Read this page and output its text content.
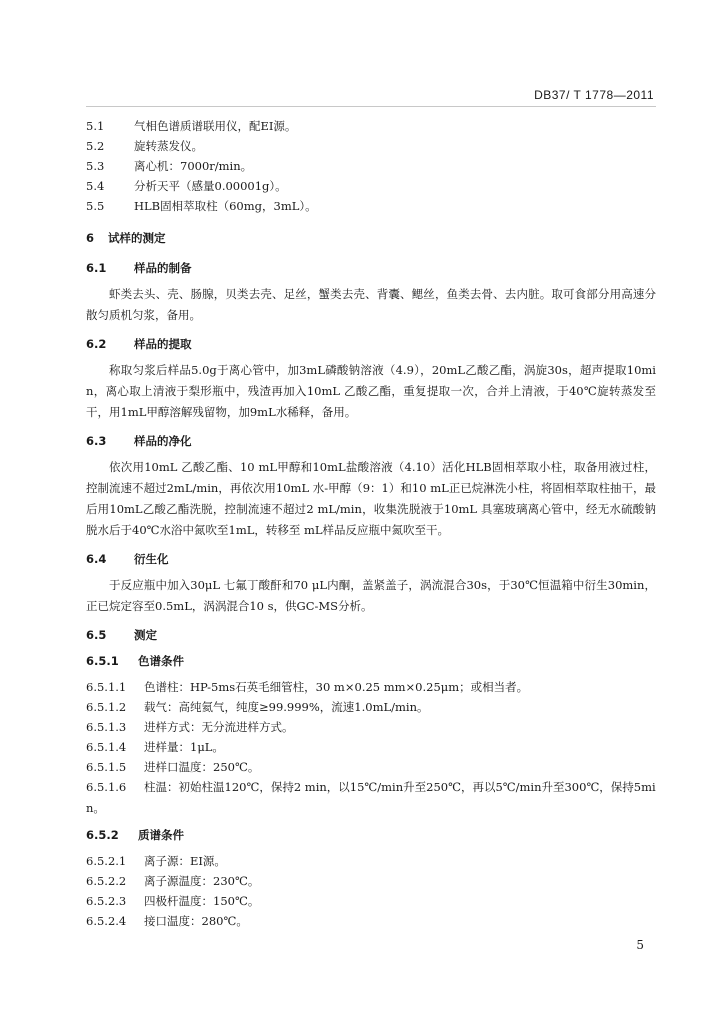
DB37/ T 1778—2011
5.1	气相色谱质谱联用仪，配EI源。
5.2	旋转蒸发仪。
5.3	离心机：7000r/min。
5.4	分析天平（感量0.00001g）。
5.5	HLB固相萃取柱（60mg，3mL）。
6	试样的测定
6.1	样品的制备

虾类去头、壳、肠腺，贝类去壳、足丝，蟹类去壳、背囊、鳃丝，鱼类去骨、去内脏。取可食部分用高速分散匀质机匀浆，备用。

6.2	样品的提取

称取匀浆后样品5.0g于离心管中，加3mL磷酸钠溶液（4.9），20mL乙酸乙酯，涡旋30s，超声提取10min，离心取上清液于梨形瓶中，残渣再加入10mL 乙酸乙酯，重复提取一次，合并上清液，于40℃旋转蒸发至干，用1mL甲醇溶解残留物，加9mL水稀释，备用。

6.3	样品的净化

依次用10mL 乙酸乙酯、10 mL甲醇和10mL盐酸溶液（4.10）活化HLB固相萃取小柱，取备用液过柱，控制流速不超过2mL/min，再依次用10mL 水-甲醇（9：1）和10 mL正已烷淋洗小柱，将固相萃取柱抽干，最后用10mL乙酸乙酯洗脱，控制流速不超过2 mL/min，收集洗脱液于10mL 具塞玻璃离心管中，经无水硫酸钠脱水后于40℃水浴中氮吹至1mL，转移至 mL样品反应瓶中氮吹至干。

6.4	衍生化

于反应瓶中加入30μL 七氟丁酸酐和70 μL内酮，盖紧盖子，涡流混合30s，于30℃恒温箱中衍生30min，正已烷定容至0.5mL，涡涡混合10 s，供GC-MS分析。

6.5	测定
6.5.1	色谱条件
6.5.1.1	色谱柱：HP-5ms石英毛细管柱，30 m×0.25 mm×0.25μm；或相当者。
6.5.1.2	载气：高纯氦气，纯度≥99.999%，流速1.0mL/min。
6.5.1.3	进样方式：无分流进样方式。
6.5.1.4	进样量：1μL。
6.5.1.5	进样口温度：250℃。
6.5.1.6	柱温：初始柱温120℃，保持2 min，以15℃/min升至250℃，再以5℃/min升至300℃，保持5min。
6.5.2	质谱条件
6.5.2.1	离子源：EI源。
6.5.2.2	离子源温度：230℃。
6.5.2.3	四极杆温度：150℃。
6.5.2.4	接口温度：280℃。
5
